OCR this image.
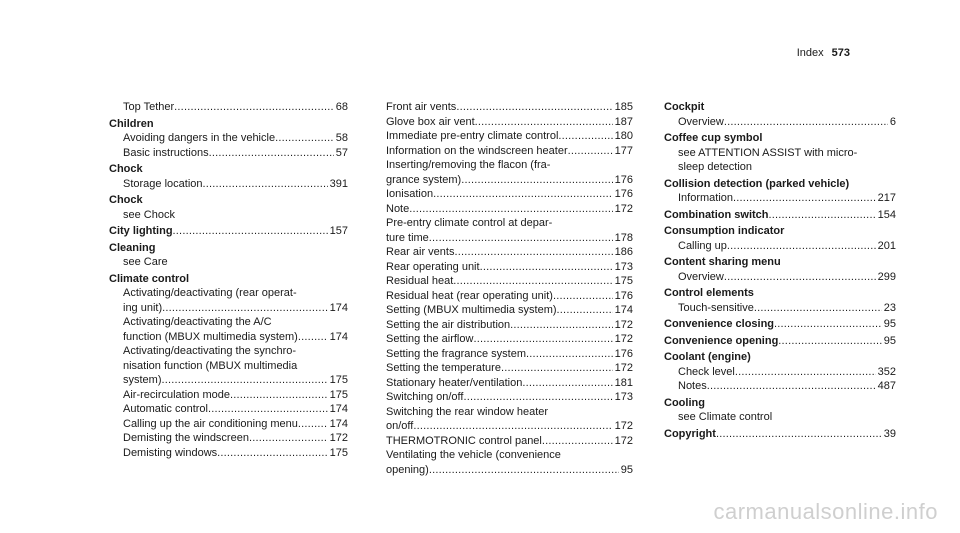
Index 573
Top Tether .....	68
Children
Avoiding dangers in the vehicle .....	58
Basic instructions .....	57
Chock
Storage location .....	391
Chock
see Chock
City lighting .....	157
Cleaning
see Care
Climate control
Activating/deactivating (rear operat-
ing unit) .....	174
Activating/deactivating the A/C
function (MBUX multimedia system) .....	174
Activating/deactivating the synchro-
nisation function (MBUX multimedia
system) .....	175
Air-recirculation mode .....	175
Automatic control .....	174
Calling up the air conditioning menu .....	174
Demisting the windscreen .....	172
Demisting windows .....	175
Front air vents .....	185
Glove box air vent .....	187
Immediate pre-entry climate control .....	180
Information on the windscreen heater .....	177
Inserting/removing the flacon (fra-
grance system) .....	176
Ionisation .....	176
Note .....	172
Pre-entry climate control at depar-
ture time .....	178
Rear air vents .....	186
Rear operating unit .....	173
Residual heat .....	175
Residual heat (rear operating unit) .....	176
Setting (MBUX multimedia system) .....	174
Setting the air distribution .....	172
Setting the airflow .....	172
Setting the fragrance system .....	176
Setting the temperature .....	172
Stationary heater/ventilation .....	181
Switching on/off .....	173
Switching the rear window heater
on/off .....	172
THERMOTRONIC control panel .....	172
Ventilating the vehicle (convenience
opening) .....	95
Cockpit
Overview .....	6
Coffee cup symbol
see ATTENTION ASSIST with micro-
sleep detection
Collision detection (parked vehicle)
Information .....	217
Combination switch .....	154
Consumption indicator
Calling up .....	201
Content sharing menu
Overview .....	299
Control elements
Touch-sensitive .....	23
Convenience closing .....	95
Convenience opening .....	95
Coolant (engine)
Check level .....	352
Notes .....	487
Cooling
see Climate control
Copyright .....	39
carmanualsonline.info
